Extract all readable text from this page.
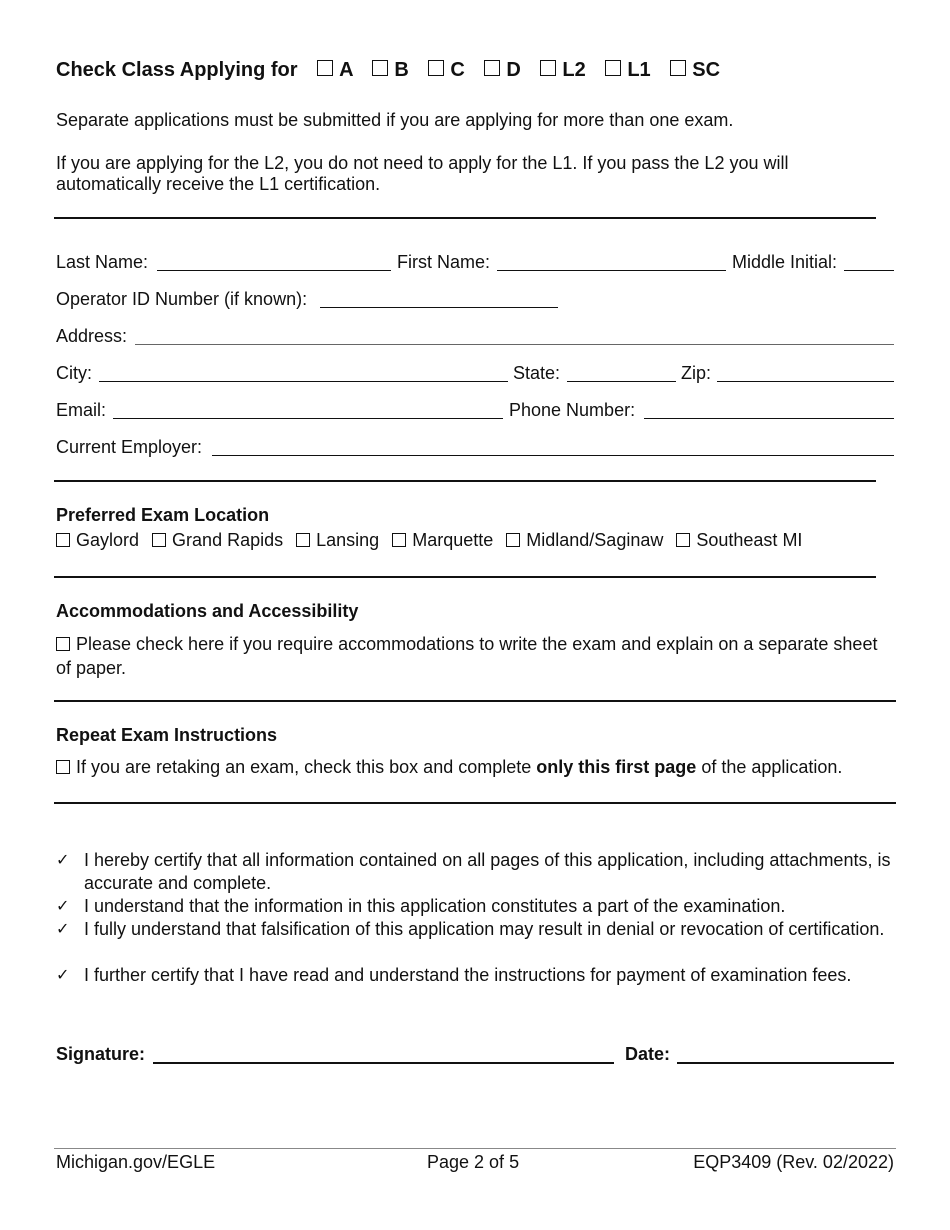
Check Class Applying for A B C D L2 L1 SC
Separate applications must be submitted if you are applying for more than one exam.
If you are applying for the L2, you do not need to apply for the L1. If you pass the L2 you will automatically receive the L1 certification.
Last Name:	First Name:	Middle Initial:
Operator ID Number (if known):
Address:
City:	State:	Zip:
Email:	Phone Number:
Current Employer:
Preferred Exam Location
Gaylord Grand Rapids Lansing Marquette Midland/Saginaw Southeast MI
Accommodations and Accessibility
Please check here if you require accommodations to write the exam and explain on a separate sheet of paper.
Repeat Exam Instructions
If you are retaking an exam, check this box and complete only this first page of the application.
✓ I hereby certify that all information contained on all pages of this application, including attachments, is accurate and complete.
✓ I understand that the information in this application constitutes a part of the examination.
✓ I fully understand that falsification of this application may result in denial or revocation of certification.
✓ I further certify that I have read and understand the instructions for payment of examination fees.
Signature:	Date:
Michigan.gov/EGLE	Page 2 of 5	EQP3409 (Rev. 02/2022)
